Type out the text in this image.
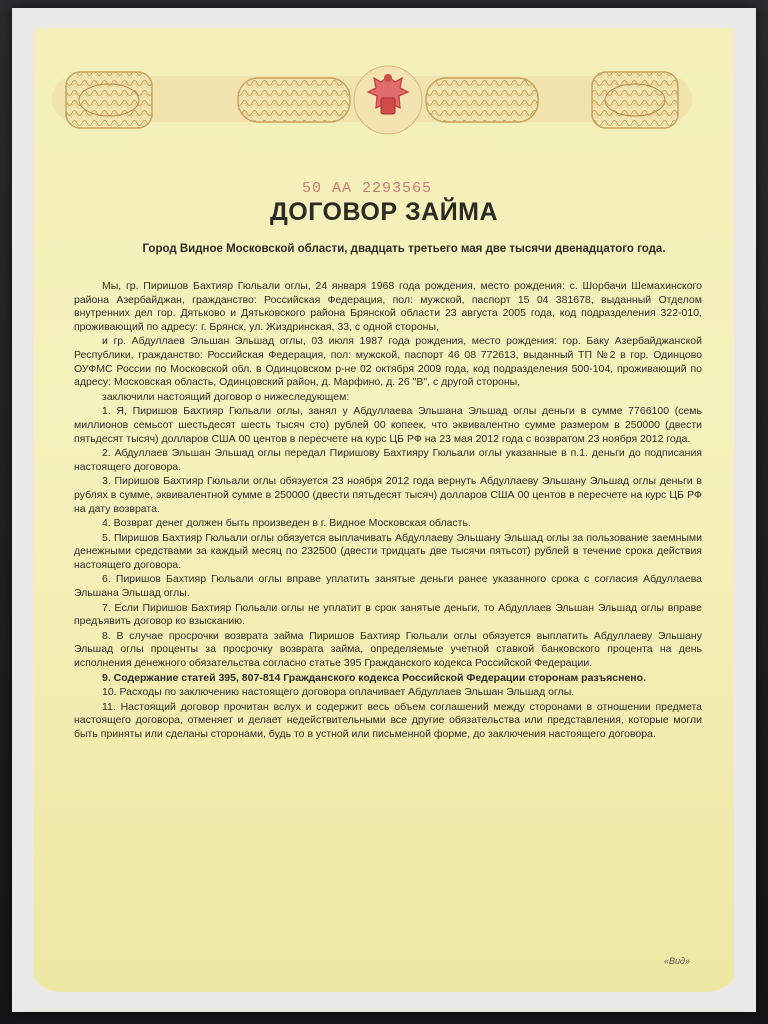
50 АА 2293565
ДОГОВОР ЗАЙМА
Город Видное Московской области, двадцать третьего мая две тысячи двенадцатого года.

Мы, гр. Пиришов Бахтияр Гюльали оглы, 24 января 1968 года рождения, место рождения: с. Шорбачи Шемахинского района Азербайджан, гражданство: Российская Федерация, пол: мужской, паспорт 15 04 381678, выданный Отделом внутренних дел гор. Дятьково и Дятьковского района Брянской области 23 августа 2005 года, код подразделения 322-010, проживающий по адресу: г. Брянск, ул. Жиздринская, 33, с одной стороны,

и гр. Абдуллаев Эльшан Эльшад оглы, 03 июля 1987 года рождения, место рождения: гор. Баку Азербайджанской Республики, гражданство: Российская Федерация, пол: мужской, паспорт 46 08 772613, выданный ТП №2 в гор. Одинцово ОУФМС России по Московской обл. в Одинцовском р-не 02 октября 2009 года, код подразделения 500-104, проживающий по адресу: Московская область, Одинцовский район, д. Марфино, д. 26 "В", с другой стороны,

заключили настоящий договор о нижеследующем:

1. Я, Пиришов Бахтияр Гюльали оглы, занял у Абдуллаева Эльшана Эльшад оглы деньги в сумме 7766100 (семь миллионов семьсот шестьдесят шесть тысяч сто) рублей 00 копеек, что эквивалентно сумме размером в 250000 (двести пятьдесят тысяч) долларов США 00 центов в пересчете на курс ЦБ РФ на 23 мая 2012 года с возвратом 23 ноября 2012 года.

2. Абдуллаев Эльшан Эльшад оглы передал Пиришову Бахтияру Гюльали оглы указанные в п.1. деньги до подписания настоящего договора.

3. Пиришов Бахтияр Гюльали оглы обязуется 23 ноября 2012 года вернуть Абдуллаеву Эльшану Эльшад оглы деньги в рублях в сумме, эквивалентной сумме в 250000 (двести пятьдесят тысяч) долларов США 00 центов в пересчете на курс ЦБ РФ на дату возврата.

4. Возврат денег должен быть произведен в г. Видное Московская область.

5. Пиришов Бахтияр Гюльали оглы обязуется выплачивать Абдуллаеву Эльшану Эльшад оглы за пользование заемными денежными средствами за каждый месяц по 232500 (двести тридцать две тысячи пятьсот) рублей в течение срока действия настоящего договора.

6. Пиришов Бахтияр Гюльали оглы вправе уплатить занятые деньги ранее указанного срока с согласия Абдуллаева Эльшана Эльшад оглы.

7. Если Пиришов Бахтияр Гюльали оглы не уплатит в срок занятые деньги, то Абдуллаев Эльшан Эльшад оглы вправе предъявить договор ко взысканию.

8. В случае просрочки возврата займа Пиришов Бахтияр Гюльали оглы обязуется выплатить Абдуллаеву Эльшану Эльшад оглы проценты за просрочку возврата займа, определяемые учетной ставкой банковского процента на день исполнения денежного обязательства согласно статье 395 Гражданского кодекса Российской Федерации.

9. Содержание статей 395, 807-814 Гражданского кодекса Российской Федерации сторонам разъяснено.

10. Расходы по заключению настоящего договора оплачивает Абдуллаев Эльшан Эльшад оглы.

11. Настоящий договор прочитан вслух и содержит весь объем соглашений между сторонами в отношении предмета настоящего договора, отменяет и делает недействительными все другие обязательства или представления, которые могли быть приняты или сделаны сторонами, будь то в устной или письменной форме, до заключения настоящего договора.

«Вид»
